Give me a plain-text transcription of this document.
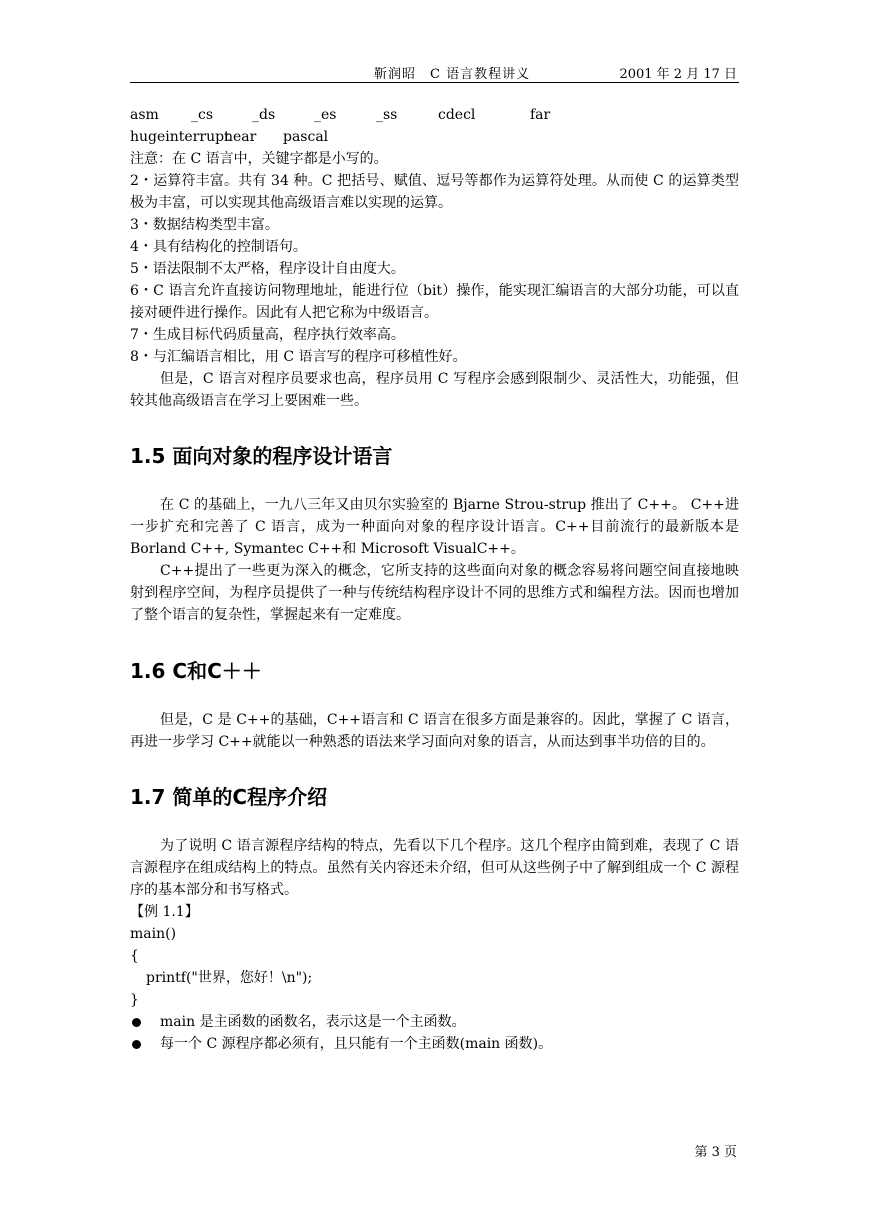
靳润昭 C 语言教程讲义	2001 年 2 月 17 日
asm _cs	_ds	_es	_ss	cdecl	far
hugeinterrupt
near pascal
注意：在 C 语言中，关键字都是小写的。
2・运算符丰富。共有 34 种。C 把括号、赋值、逗号等都作为运算符处理。从而使 C 的运算类型极为丰富，可以实现其他高级语言难以实现的运算。
3・数据结构类型丰富。
4・具有结构化的控制语句。
5・语法限制不太严格，程序设计自由度大。
6・C 语言允许直接访问物理地址，能进行位（bit）操作，能实现汇编语言的大部分功能，可以直接对硬件进行操作。因此有人把它称为中级语言。
7・生成目标代码质量高，程序执行效率高。
8・与汇编语言相比，用 C 语言写的程序可移植性好。
但是，C 语言对程序员要求也高，程序员用 C 写程序会感到限制少、灵活性大，功能强，但较其他高级语言在学习上要困难一些。
1.5 面向对象的程序设计语言
在 C 的基础上，一九八三年又由贝尔实验室的 Bjarne Strou-strup 推出了 C++。 C++进一步扩充和完善了 C 语言，成为一种面向对象的程序设计语言。C++目前流行的最新版本是 Borland C++, Symantec C++和 Microsoft VisualC++。
C++提出了一些更为深入的概念，它所支持的这些面向对象的概念容易将问题空间直接地映射到程序空间，为程序员提供了一种与传统结构程序设计不同的思维方式和编程方法。因而也增加了整个语言的复杂性，掌握起来有一定难度。
1.6 C和C＋＋
但是，C 是 C++的基础，C++语言和 C 语言在很多方面是兼容的。因此，掌握了 C 语言，再进一步学习 C++就能以一种熟悉的语法来学习面向对象的语言，从而达到事半功倍的目的。
1.7 简单的C程序介绍
为了说明 C 语言源程序结构的特点，先看以下几个程序。这几个程序由简到难，表现了 C 语言源程序在组成结构上的特点。虽然有关内容还未介绍，但可从这些例子中了解到组成一个 C 源程序的基本部分和书写格式。
【例 1.1】
main()
{
printf("世界，您好！\n");
}
main 是主函数的函数名，表示这是一个主函数。
每一个 C 源程序都必须有，且只能有一个主函数(main 函数)。
第 3 页
